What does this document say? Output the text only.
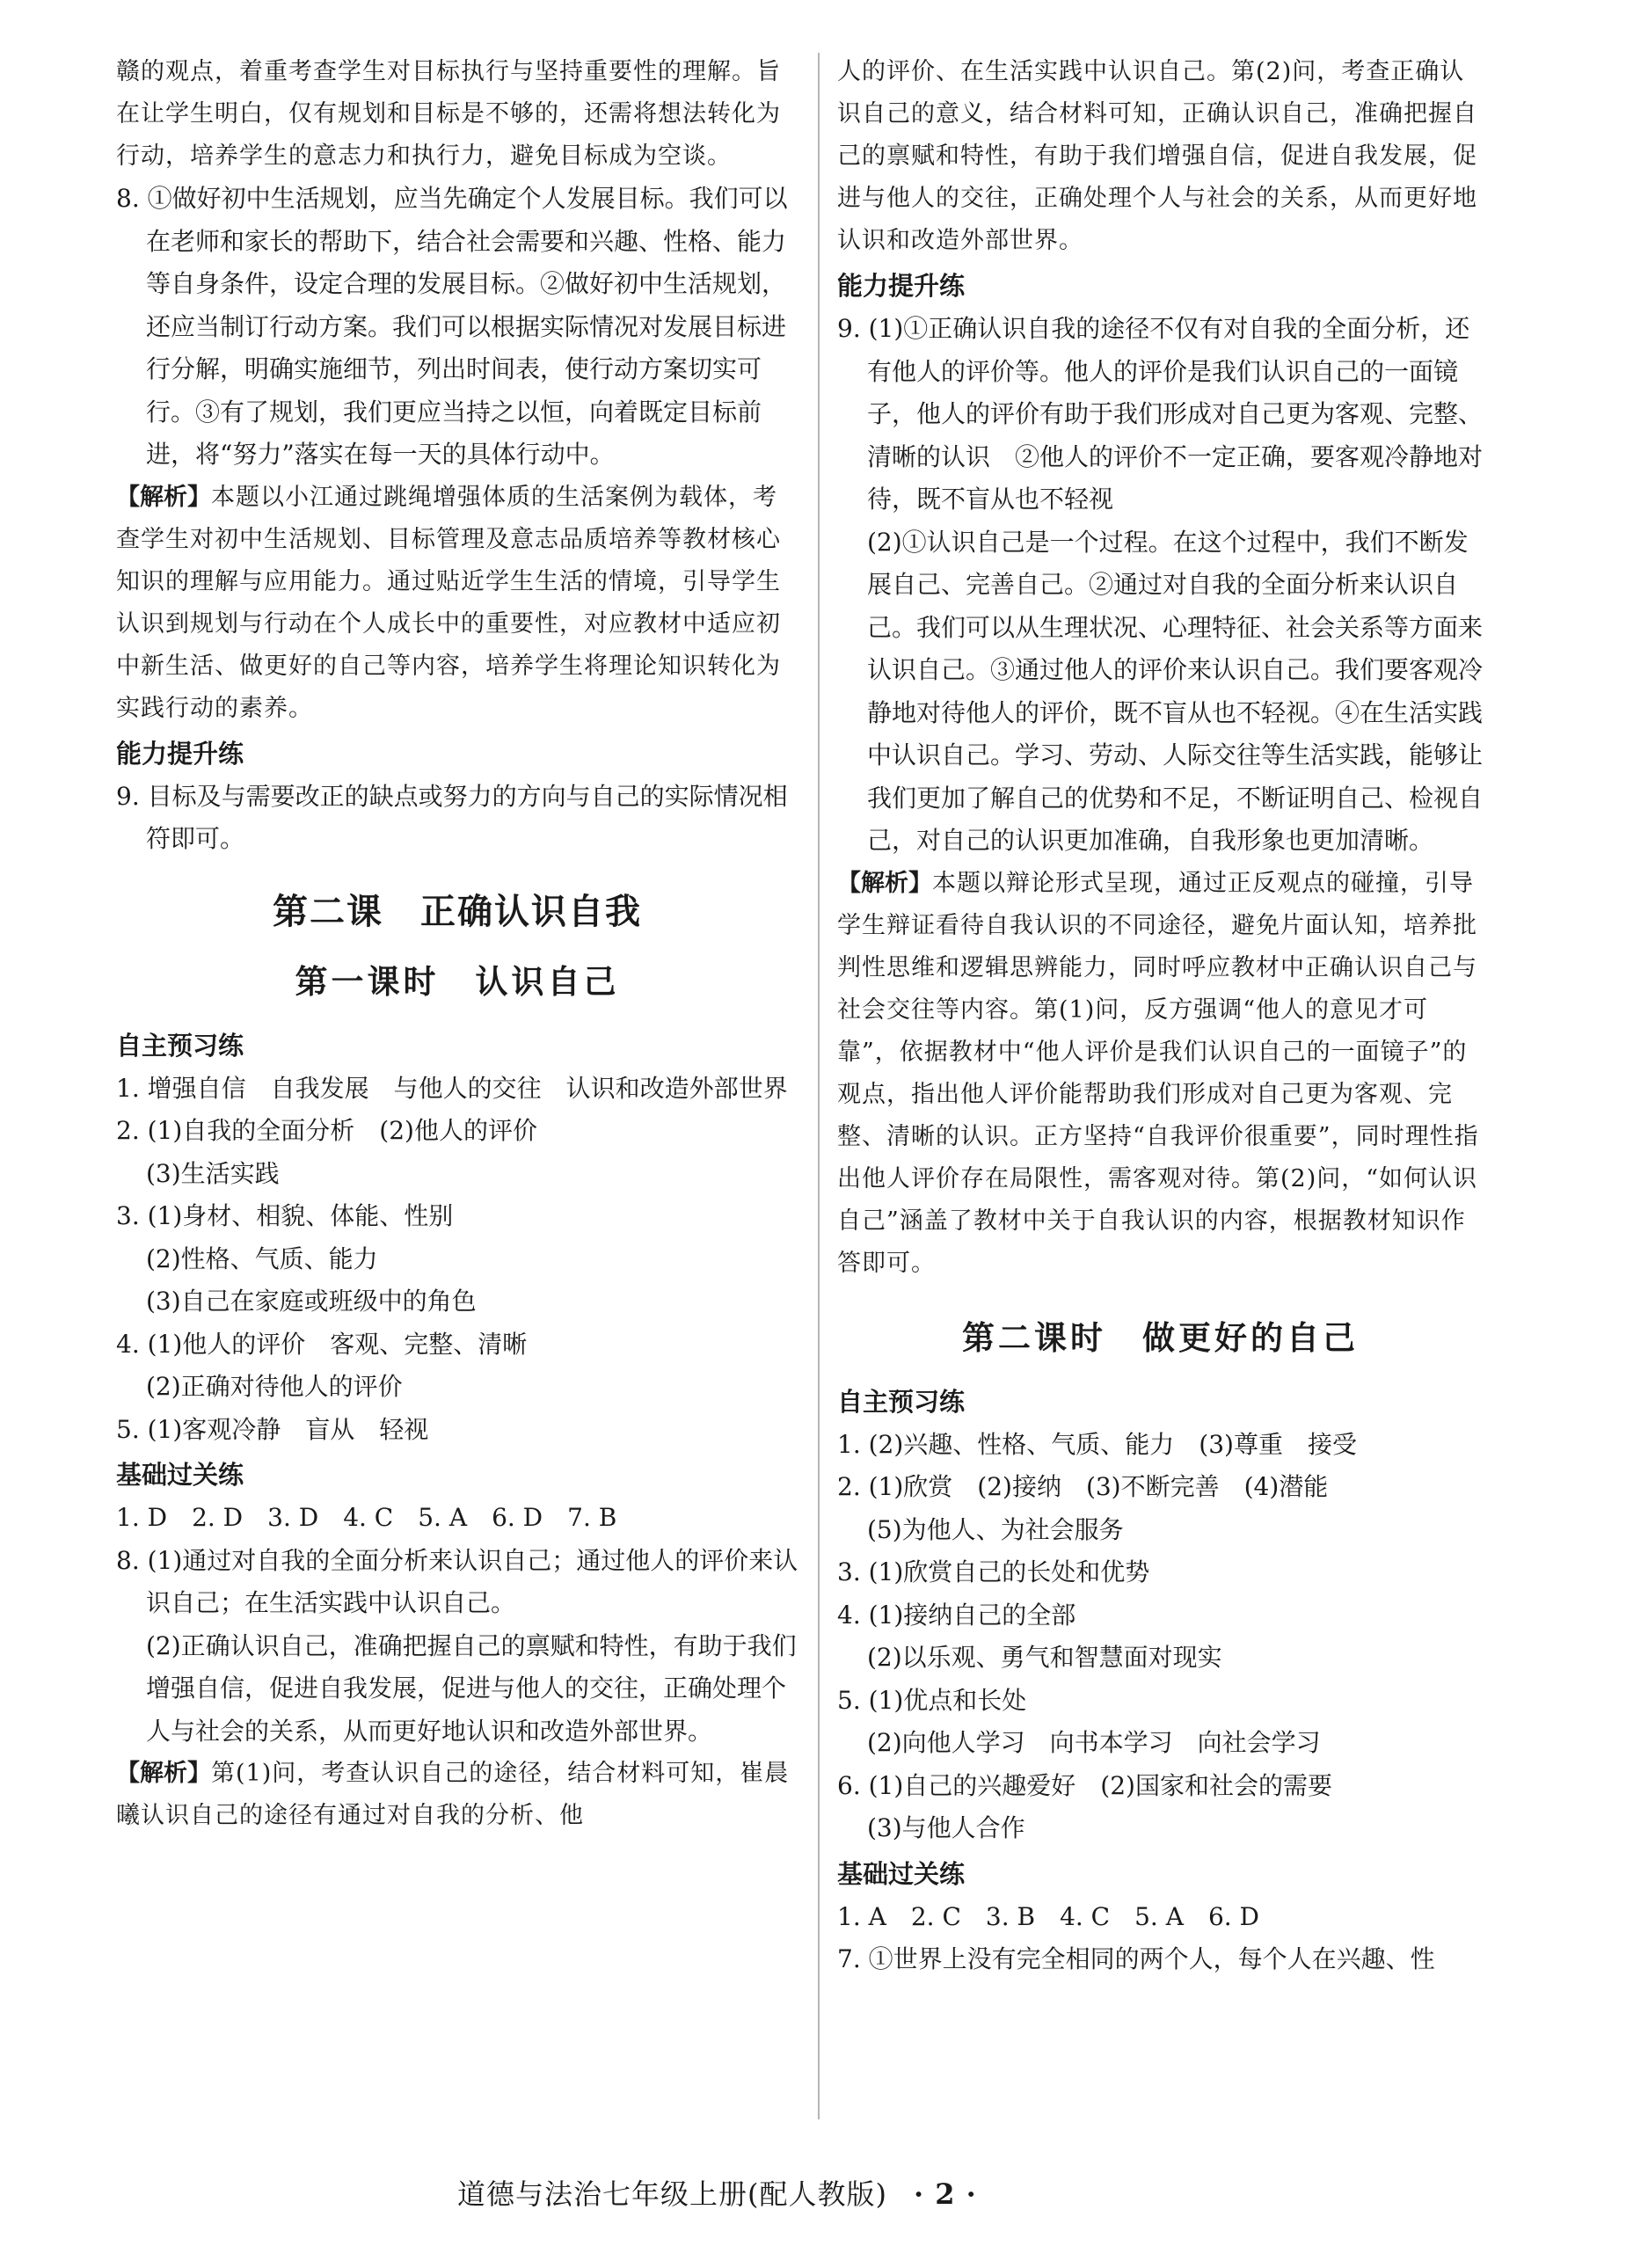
赣的观点，着重考查学生对目标执行与坚持重要性的理解。旨在让学生明白，仅有规划和目标是不够的，还需将想法转化为行动，培养学生的意志力和执行力，避免目标成为空谈。

8. ①做好初中生活规划，应当先确定个人发展目标。我们可以在老师和家长的帮助下，结合社会需要和兴趣、性格、能力等自身条件，设定合理的发展目标。②做好初中生活规划，还应当制订行动方案。我们可以根据实际情况对发展目标进行分解，明确实施细节，列出时间表，使行动方案切实可行。③有了规划，我们更应当持之以恒，向着既定目标前进，将“努力”落实在每一天的具体行动中。

【解析】本题以小江通过跳绳增强体质的生活案例为载体，考查学生对初中生活规划、目标管理及意志品质培养等教材核心知识的理解与应用能力。通过贴近学生生活的情境，引导学生认识到规划与行动在个人成长中的重要性，对应教材中适应初中新生活、做更好的自己等内容，培养学生将理论知识转化为实践行动的素养。

能力提升练

9. 目标及与需要改正的缺点或努力的方向与自己的实际情况相符即可。

第二课　正确认识自我

第一课时　认识自己

自主预习练

1. 增强自信　自我发展　与他人的交往　认识和改造外部世界

2. (1)自我的全面分析　(2)他人的评价

(3)生活实践

3. (1)身材、相貌、体能、性别

(2)性格、气质、能力

(3)自己在家庭或班级中的角色

4. (1)他人的评价　客观、完整、清晰

(2)正确对待他人的评价

5. (1)客观冷静　盲从　轻视

基础过关练

1. D　2. D　3. D　4. C　5. A　6. D　7. B

8. (1)通过对自我的全面分析来认识自己；通过他人的评价来认识自己；在生活实践中认识自己。

(2)正确认识自己，准确把握自己的禀赋和特性，有助于我们增强自信，促进自我发展，促进与他人的交往，正确处理个人与社会的关系，从而更好地认识和改造外部世界。

【解析】第(1)问，考查认识自己的途径，结合材料可知，崔晨曦认识自己的途径有通过对自我的分析、他

人的评价、在生活实践中认识自己。第(2)问，考查正确认识自己的意义，结合材料可知，正确认识自己，准确把握自己的禀赋和特性，有助于我们增强自信，促进自我发展，促进与他人的交往，正确处理个人与社会的关系，从而更好地认识和改造外部世界。

能力提升练

9. (1)①正确认识自我的途径不仅有对自我的全面分析，还有他人的评价等。他人的评价是我们认识自己的一面镜子，他人的评价有助于我们形成对自己更为客观、完整、清晰的认识　②他人的评价不一定正确，要客观冷静地对待，既不盲从也不轻视

(2)①认识自己是一个过程。在这个过程中，我们不断发展自己、完善自己。②通过对自我的全面分析来认识自己。我们可以从生理状况、心理特征、社会关系等方面来认识自己。③通过他人的评价来认识自己。我们要客观冷静地对待他人的评价，既不盲从也不轻视。④在生活实践中认识自己。学习、劳动、人际交往等生活实践，能够让我们更加了解自己的优势和不足，不断证明自己、检视自己，对自己的认识更加准确，自我形象也更加清晰。

【解析】本题以辩论形式呈现，通过正反观点的碰撞，引导学生辩证看待自我认识的不同途径，避免片面认知，培养批判性思维和逻辑思辨能力，同时呼应教材中正确认识自己与社会交往等内容。第(1)问，反方强调“他人的意见才可靠”，依据教材中“他人评价是我们认识自己的一面镜子”的观点，指出他人评价能帮助我们形成对自己更为客观、完整、清晰的认识。正方坚持“自我评价很重要”，同时理性指出他人评价存在局限性，需客观对待。第(2)问，“如何认识自己”涵盖了教材中关于自我认识的内容，根据教材知识作答即可。

第二课时　做更好的自己

自主预习练

1. (2)兴趣、性格、气质、能力　(3)尊重　接受

2. (1)欣赏　(2)接纳　(3)不断完善　(4)潜能

(5)为他人、为社会服务

3. (1)欣赏自己的长处和优势

4. (1)接纳自己的全部

(2)以乐观、勇气和智慧面对现实

5. (1)优点和长处

(2)向他人学习　向书本学习　向社会学习

6. (1)自己的兴趣爱好　(2)国家和社会的需要

(3)与他人合作

基础过关练

1. A　2. C　3. B　4. C　5. A　6. D

7. ①世界上没有完全相同的两个人，每个人在兴趣、性

道德与法治七年级上册(配人教版) · 2 ·
